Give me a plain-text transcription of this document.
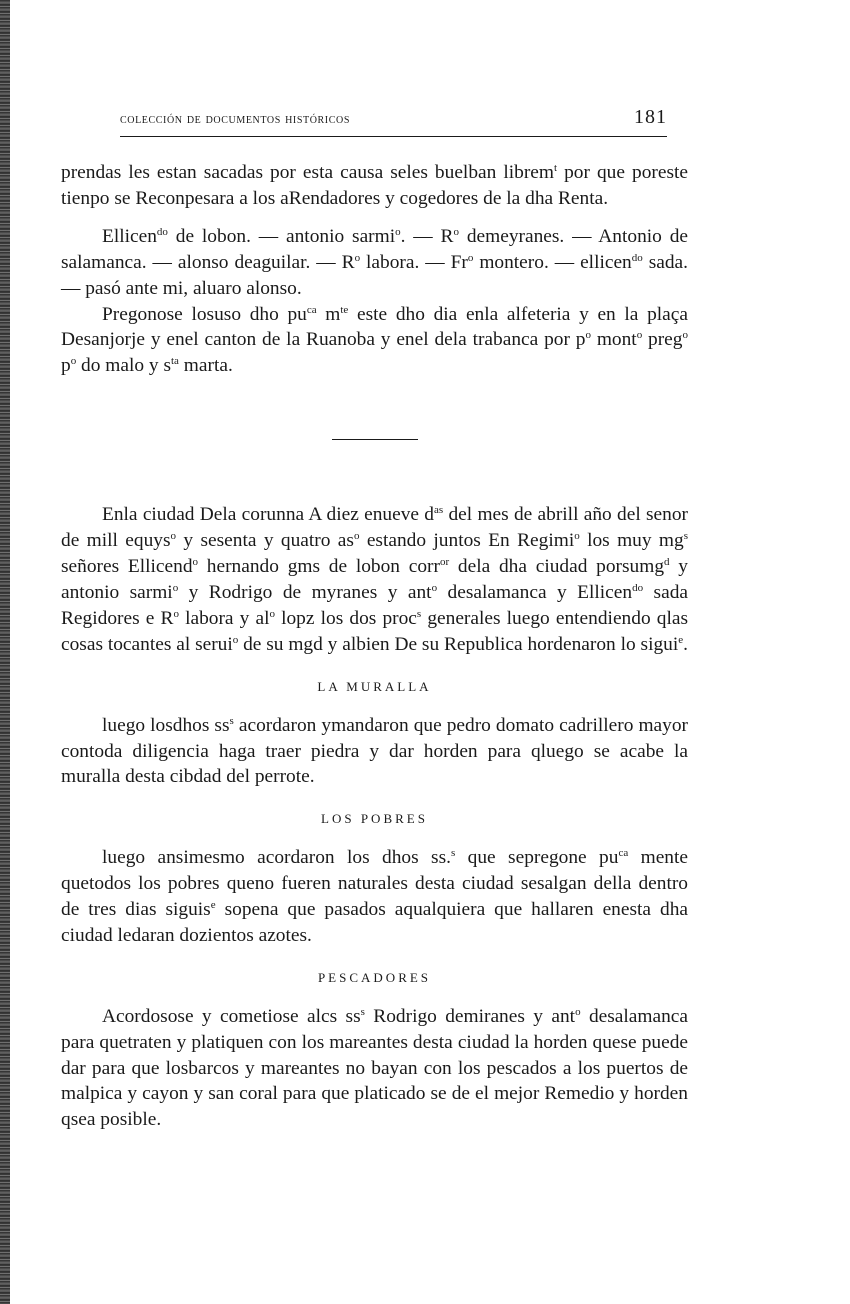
colección de documentos históricos	181

prendas les estan sacadas por esta causa seles buelban librem$^t$ por que poreste tienpo se Reconpesara a los aRendadores y cogedores de la dha Renta.

Ellicen$^{do}$ de lobon. — antonio sarmi$^o$. — $R^o$ demeyranes. — Antonio de salamanca. — alonso deaguilar. — $R^o$ labora. — Fr$^o$ montero. — ellicen$^{do}$ sada. — pasó ante mi, aluaro alonso.

Pregonose losuso dho $pu^{ca}$ $m^{te}$ este dho dia enla alfeteria y en la plaça Desanjorje y enel canton de la Ruanoba y enel dela trabanca por $p^o$ mont$^o$ preg$^o$ $p^o$ do malo y $s^{ta}$ marta.

Enla ciudad Dela corunna A diez enueve $d^{as}$ del mes de abrill año del senor de mill equys$^o$ y sesenta y quatro $as^o$ estando juntos En Regimi$^o$ los muy $mg^s$ señores Ellicend$^o$ hernando gms de lobon corr$^{or}$ dela dha ciudad porsumg$^d$ y antonio sarmi$^o$ y Rodrigo de myranes y ant$^o$ desalamanca y Ellicen$^{do}$ sada Regidores e $R^o$ labora y $al^o$ lopz los dos proc$^s$ generales luego entendiendo qlas cosas tocantes al serui$^o$ de su mgd y albien De su Republica hordenaron lo sigui$^e$.

LA MURALLA

luego losdhos $ss^s$ acordaron ymandaron que pedro domato cadrillero mayor contoda diligencia haga traer piedra y dar horden para qluego se acabe la muralla desta cibdad del perrote.

LOS POBRES

luego ansimesmo acordaron los dhos ss.$^s$ que sepregone $pu^{ca}$ mente quetodos los pobres queno fueren naturales desta ciudad sesalgan della dentro de tres dias siguis$^e$ sopena que pasados aqualquiera que hallaren enesta dha ciudad ledaran dozientos azotes.

PESCADORES

Acordosose y cometiose alcs $ss^s$ Rodrigo demiranes y ant$^o$ desalamanca para quetraten y platiquen con los mareantes desta ciudad la horden quese puede dar para que losbarcos y mareantes no bayan con los pescados a los puertos de malpica y cayon y san coral para que platicado se de el mejor Remedio y horden qsea posible.
